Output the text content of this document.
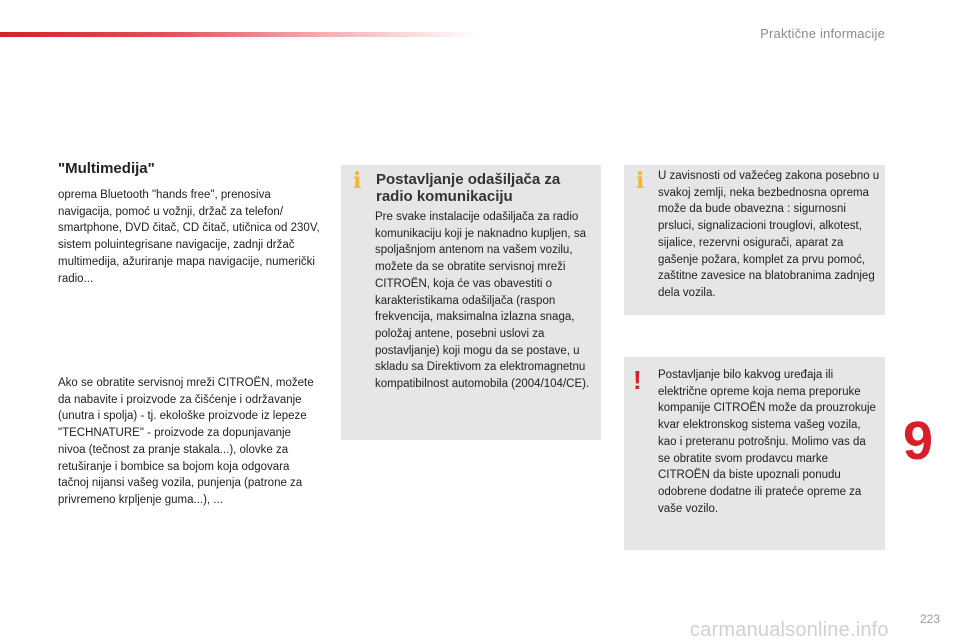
Praktične informacije
"Multimedija"

oprema Bluetooth "hands free", prenosiva navigacija, pomoć u vožnji, držač za telefon/ smartphone, DVD čitač, CD čitač, utičnica od 230V, sistem poluintegrisane navigacije, zadnji držač multimedija, ažuriranje mapa navigacije, numerički radio...

Ako se obratite servisnoj mreži CITROËN, možete da nabavite i proizvode za čišćenje i održavanje (unutra i spolja) - tj. ekološke proizvode iz lepeze "TECHNATURE" - proizvode za dopunjavanje nivoa (tečnost za pranje stakala...), olovke za retuširanje i bombice sa bojom koja odgovara tačnoj nijansi vašeg vozila, punjenja (patrone za privremeno krpljenje guma...), ...

i Postavljanje odašiljača za radio komunikaciju
Pre svake instalacije odašiljača za radio komunikaciju koji je naknadno kupljen, sa spoljašnjom antenom na vašem vozilu, možete da se obratite servisnoj mreži CITROËN, koja će vas obavestiti o karakteristikama odašiljača (raspon frekvencija, maksimalna izlazna snaga, položaj antene, posebni uslovi za postavljanje) koji mogu da se postave, u skladu sa Direktivom za elektromagnetnu kompatibilnost automobila (2004/104/CE).
i U zavisnosti od važećeg zakona posebno u svakoj zemlji, neka bezbednosna oprema može da bude obavezna : sigurnosni prsluci, signalizacioni trouglovi, alkotest, sijalice, rezervni osigurači, aparat za gašenje požara, komplet za prvu pomoć, zaštitne zavesice na blatobranima zadnjeg dela vozila.
! Postavljanje bilo kakvog uređaja ili električne opreme koja nema preporuke kompanije CITROËN može da prouzrokuje kvar elektronskog sistema vašeg vozila, kao i preteranu potrošnju. Molimo vas da se obratite svom prodavcu marke CITROËN da biste upoznali ponudu odobrene dodatne ili prateće opreme za vaše vozilo.
9
223
carmanualsonline.info
